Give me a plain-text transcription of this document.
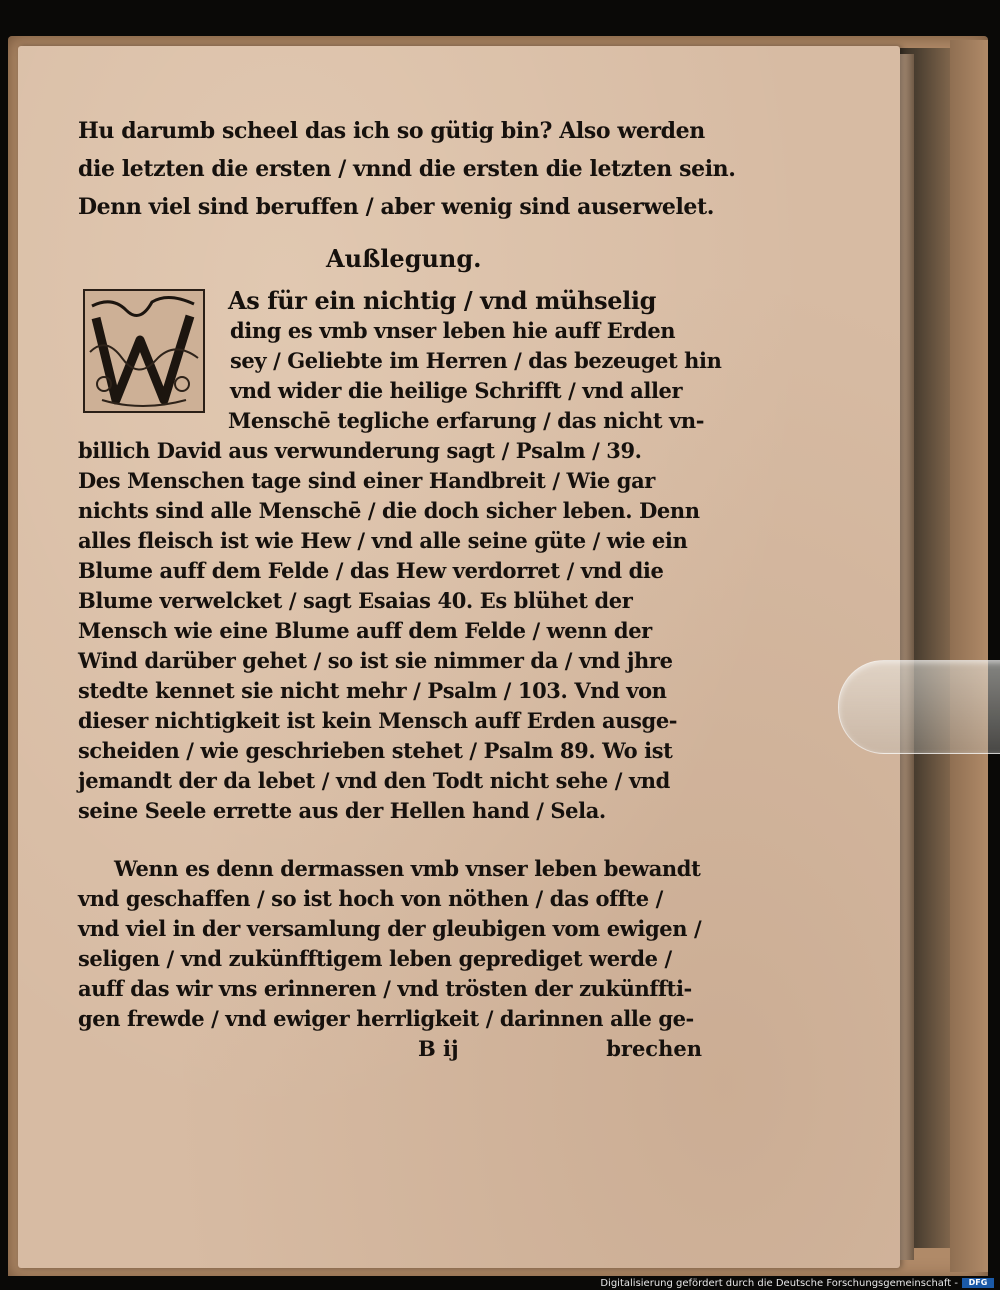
Hu darumb scheel das ich so gütig bin? Also werden
die letzten die ersten / vnnd die ersten die letzten sein.
Denn viel sind beruffen / aber wenig sind auserwelet.
Außlegung.
As für ein nichtig / vnd mühselig
ding es vmb vnser leben hie auff Erden
sey / Geliebte im Herren / das bezeuget hin
vnd wider die heilige Schrifft / vnd aller
Menschē tegliche erfarung / das nicht vn-
billich David aus verwunderung sagt / Psalm / 39.
Des Menschen tage sind einer Handbreit / Wie gar
nichts sind alle Menschē / die doch sicher leben. Denn
alles fleisch ist wie Hew / vnd alle seine güte / wie ein
Blume auff dem Felde / das Hew verdorret / vnd die
Blume verwelcket / sagt Esaias 40. Es blühet der
Mensch wie eine Blume auff dem Felde / wenn der
Wind darüber gehet / so ist sie nimmer da / vnd jhre
stedte kennet sie nicht mehr / Psalm / 103. Vnd von
dieser nichtigkeit ist kein Mensch auff Erden ausge-
scheiden / wie geschrieben stehet / Psalm 89. Wo ist
jemandt der da lebet / vnd den Todt nicht sehe / vnd
seine Seele errette aus der Hellen hand / Sela.
Wenn es denn dermassen vmb vnser leben bewandt
vnd geschaffen / so ist hoch von nöthen / das offte /
vnd viel in der versamlung der gleubigen vom ewigen /
seligen / vnd zukünfftigem leben geprediget werde /
auff das wir vns erinneren / vnd trösten der zukünffti-
gen frewde / vnd ewiger herrligkeit / darinnen alle ge-
B ij	brechen
Digitalisierung gefördert durch die Deutsche Forschungsgemeinschaft -	DFG
